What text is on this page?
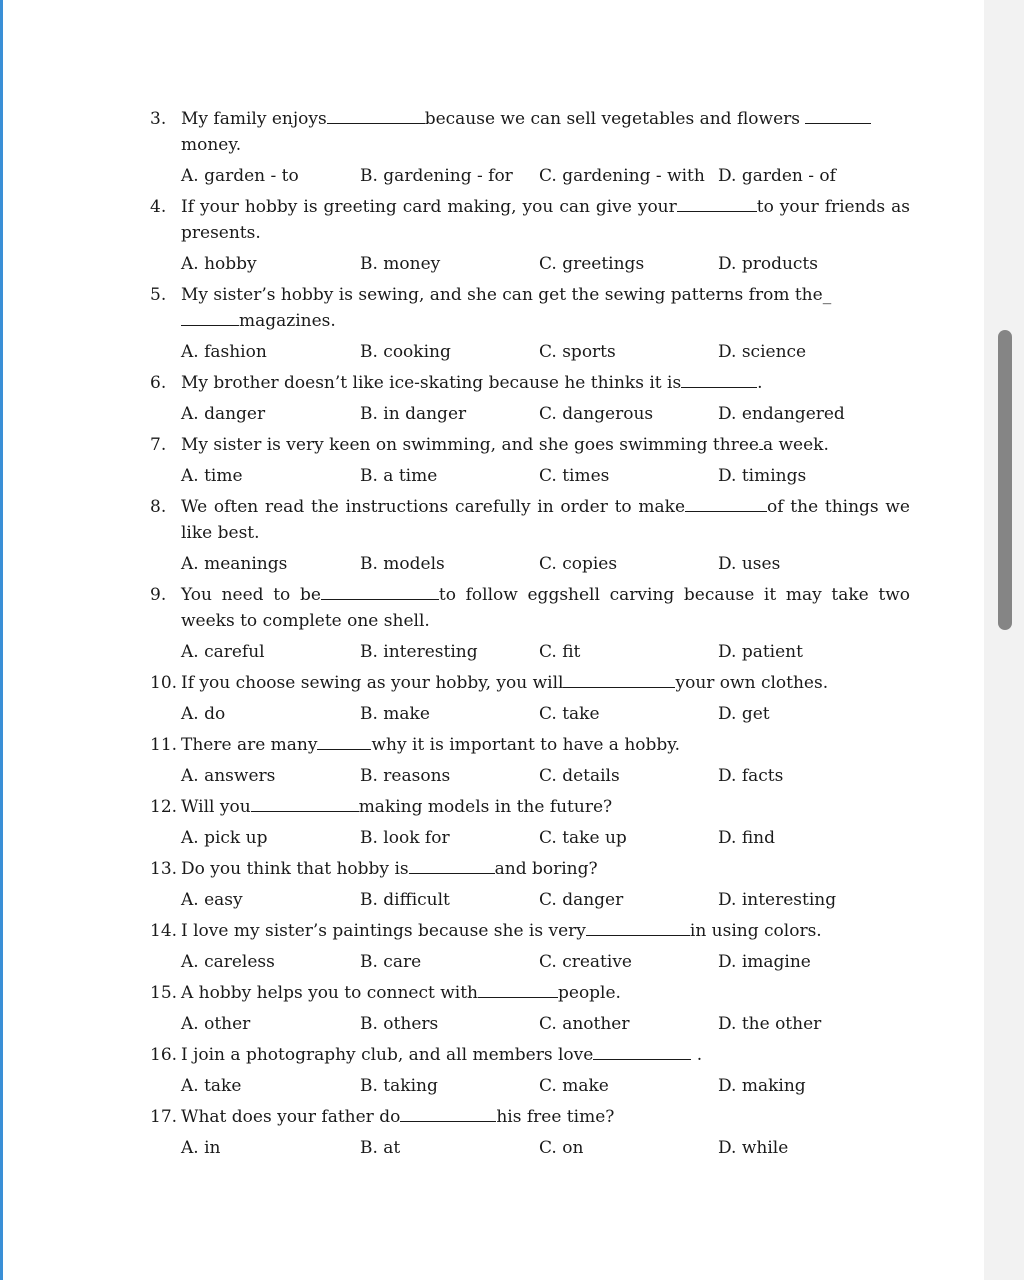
3. My family enjoys	because we can sell vegetables and flowers
money.
A. garden - to	B. gardening - for	C. gardening - with D. garden - of
4. If your hobby is greeting card making, you can give your	to your friends as presents.
A. hobby	B. money	C. greetings	D. products
5. My sister’s hobby is sewing, and she can get the sewing patterns from the_
magazines.
A. fashion	B. cooking	C. sports	D. science
6. My brother doesn’t like ice-skating because he thinks it is	.
A. danger	B. in danger	C. dangerous	D. endangered
7. My sister is very keen on swimming, and she goes swimming three a week.
A. time	B. a time	C. times	D. timings
8. We often read the instructions carefully in order to make	of the things we like best.
A. meanings	B. models	C. copies	D. uses
9. You need to be	to follow eggshell carving because it may take two weeks to complete one shell.
A. careful	B. interesting	C. fit	D. patient
10. If you choose sewing as your hobby, you will	your own clothes.
A. do	B. make	C. take	D. get
11. There are many	why it is important to have a hobby.
A. answers	B. reasons	C. details	D. facts
12. Will you	making models in the future?
A. pick up	B. look for	C. take up	D. find
13. Do you think that hobby is	and boring?
A. easy	B. difficult	C. danger	D. interesting
14. I love my sister’s paintings because she is very	in using colors.
A. careless	B. care	C. creative	D. imagine
15. A hobby helps you to connect with	people.
A. other	B. others	C. another	D. the other
16. I join a photography club, and all members love	.
A. take	B. taking	C. make	D. making
17. What does your father do	his free time?
A. in	B. at	C. on	D. while
